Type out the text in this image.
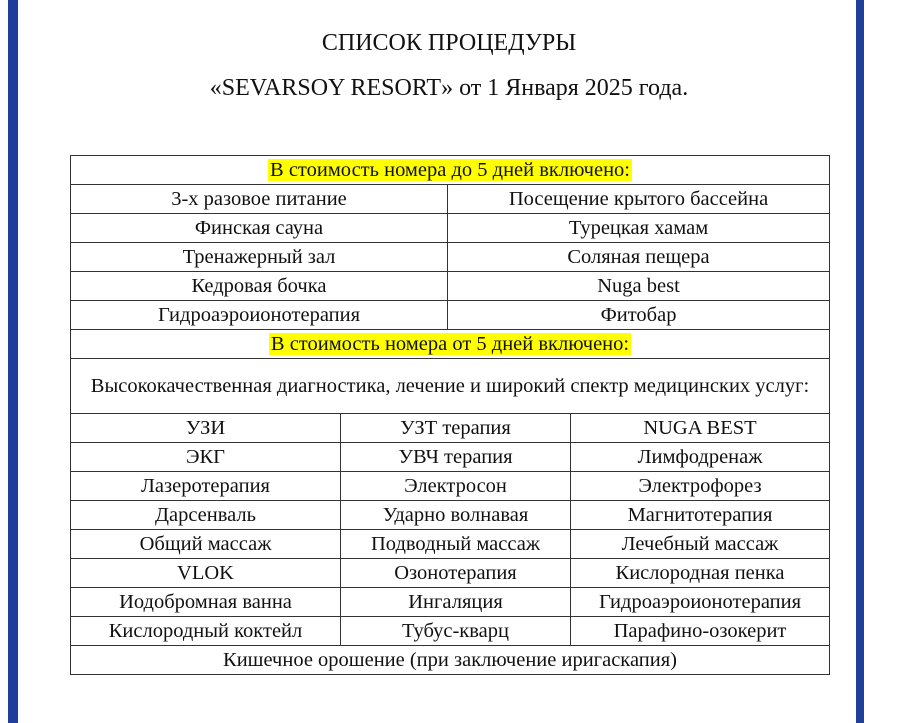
СПИСОК ПРОЦЕДУРЫ
«SEVARSOY RESORT» от 1 Января 2025 года.
В стоимость номера до 5 дней включено:			
3-х разовое питание		Посещение крытого бассейна	
Финская сауна		Турецкая хамам	
Тренажерный зал		Соляная пещера	
Кедровая бочка		Nuga best	
Гидроаэроионотерапия		Фитобар	
В стоимость номера от 5 дней включено:			
Высококачественная диагностика, лечение и широкий спектр медицинских услуг:			
УЗИ	УЗТ терапия		NUGA BEST
ЭКГ	УВЧ терапия		Лимфодренаж
Лазеротерапия	Электросон		Электрофорез
Дарсенваль	Ударно волнавая		Магнитотерапия
Общий массаж	Подводный массаж		Лечебный массаж
VLOK	Озонотерапия		Кислородная пенка
Иодобромная ванна	Ингаляция		Гидроаэроионотерапия
Кислородный коктейл	Тубус-кварц		Парафино-озокерит
Кишечное орошение (при заключение иригаскапия)			
